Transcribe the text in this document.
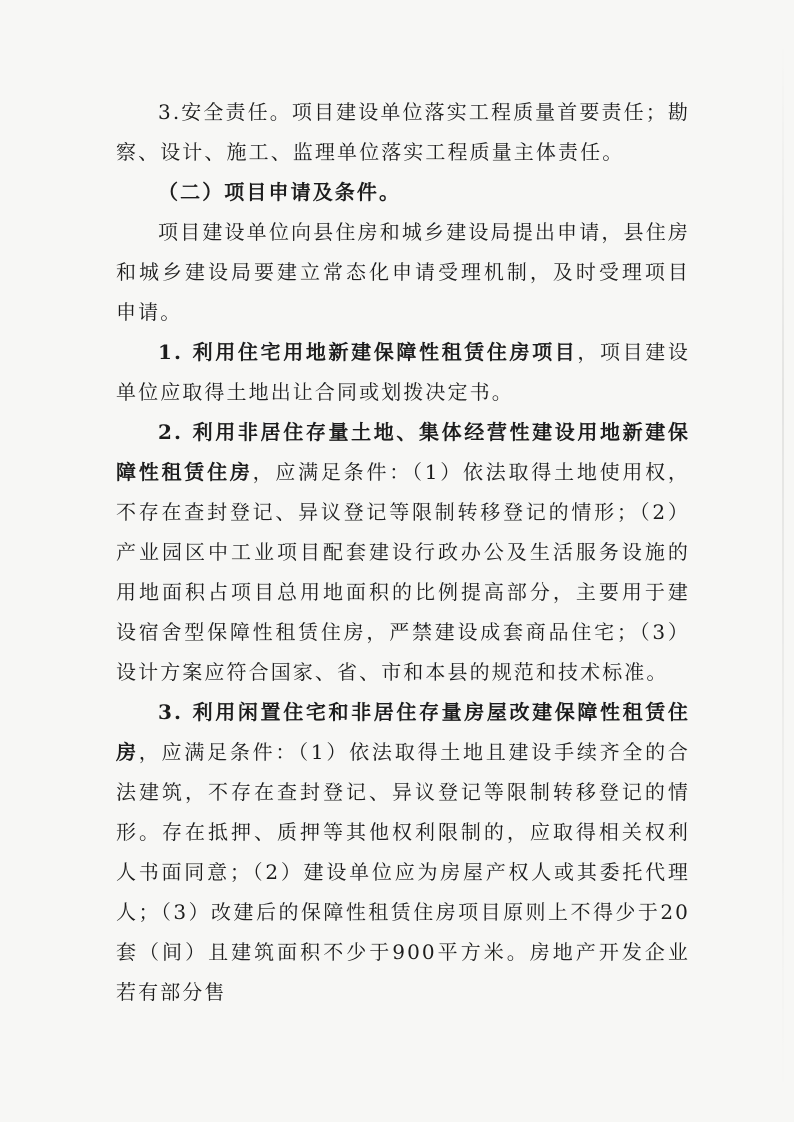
3.安全责任。项目建设单位落实工程质量首要责任；勘察、设计、施工、监理单位落实工程质量主体责任。

（二）项目申请及条件。

项目建设单位向县住房和城乡建设局提出申请，县住房和城乡建设局要建立常态化申请受理机制，及时受理项目申请。

1. 利用住宅用地新建保障性租赁住房项目，项目建设单位应取得土地出让合同或划拨决定书。

2. 利用非居住存量土地、集体经营性建设用地新建保障性租赁住房，应满足条件：（1）依法取得土地使用权，不存在查封登记、异议登记等限制转移登记的情形；（2）产业园区中工业项目配套建设行政办公及生活服务设施的用地面积占项目总用地面积的比例提高部分，主要用于建设宿舍型保障性租赁住房，严禁建设成套商品住宅；（3）设计方案应符合国家、省、市和本县的规范和技术标准。

3. 利用闲置住宅和非居住存量房屋改建保障性租赁住房，应满足条件：（1）依法取得土地且建设手续齐全的合法建筑，不存在查封登记、异议登记等限制转移登记的情形。存在抵押、质押等其他权利限制的，应取得相关权利人书面同意；（2）建设单位应为房屋产权人或其委托代理人；（3）改建后的保障性租赁住房项目原则上不得少于20套（间）且建筑面积不少于900平方米。房地产开发企业若有部分售
